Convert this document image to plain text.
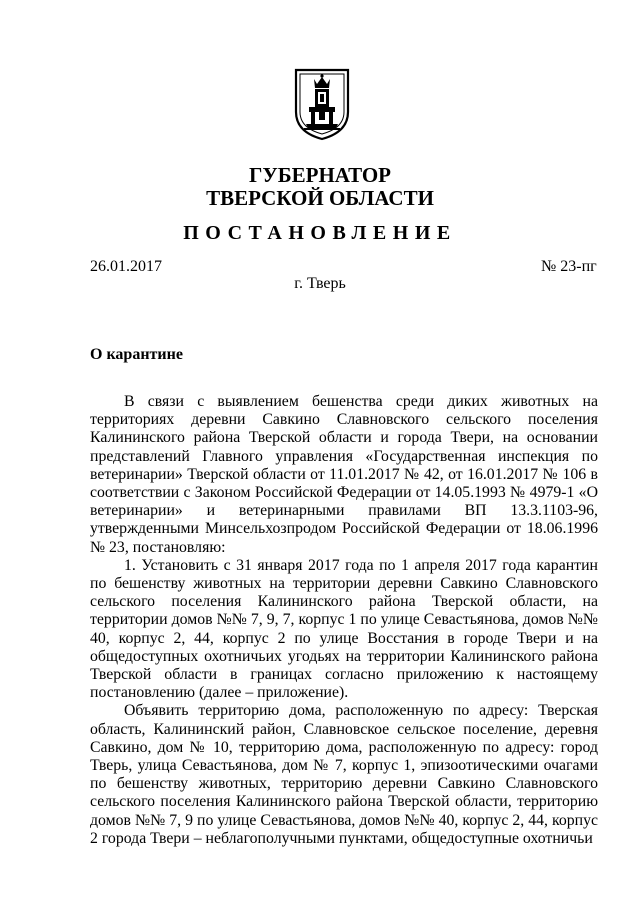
ГУБЕРНАТОР
ТВЕРСКОЙ ОБЛАСТИ
ПОСТАНОВЛЕНИЕ
26.01.2017	№ 23-пг
г. Тверь
О карантине

В связи с выявлением бешенства среди диких животных на территориях деревни Савкино Славновского сельского поселения Калининского района Тверской области и города Твери, на основании представлений Главного управления «Государственная инспекция по ветеринарии» Тверской области от 11.01.2017 № 42, от 16.01.2017 № 106 в соответствии с Законом Российской Федерации от 14.05.1993 № 4979-1 «О ветеринарии» и ветеринарными правилами ВП 13.3.1103-96, утвержденными Минсельхозпродом Российской Федерации от 18.06.1996 № 23, постановляю:

1. Установить с 31 января 2017 года по 1 апреля 2017 года карантин по бешенству животных на территории деревни Савкино Славновского сельского поселения Калининского района Тверской области, на территории домов №№ 7, 9, 7, корпус 1 по улице Севастьянова, домов №№ 40, корпус 2, 44, корпус 2 по улице Восстания в городе Твери и на общедоступных охотничьих угодьях на территории Калининского района Тверской области в границах согласно приложению к настоящему постановлению (далее – приложение).

Объявить территорию дома, расположенную по адресу: Тверская область, Калининский район, Славновское сельское поселение, деревня Савкино, дом № 10, территорию дома, расположенную по адресу: город Тверь, улица Севастьянова, дом № 7, корпус 1, эпизоотическими очагами по бешенству животных, территорию деревни Савкино Славновского сельского поселения Калининского района Тверской области, территорию домов №№ 7, 9 по улице Севастьянова, домов №№ 40, корпус 2, 44, корпус 2 города Твери – неблагополучными пунктами, общедоступные охотничьи
